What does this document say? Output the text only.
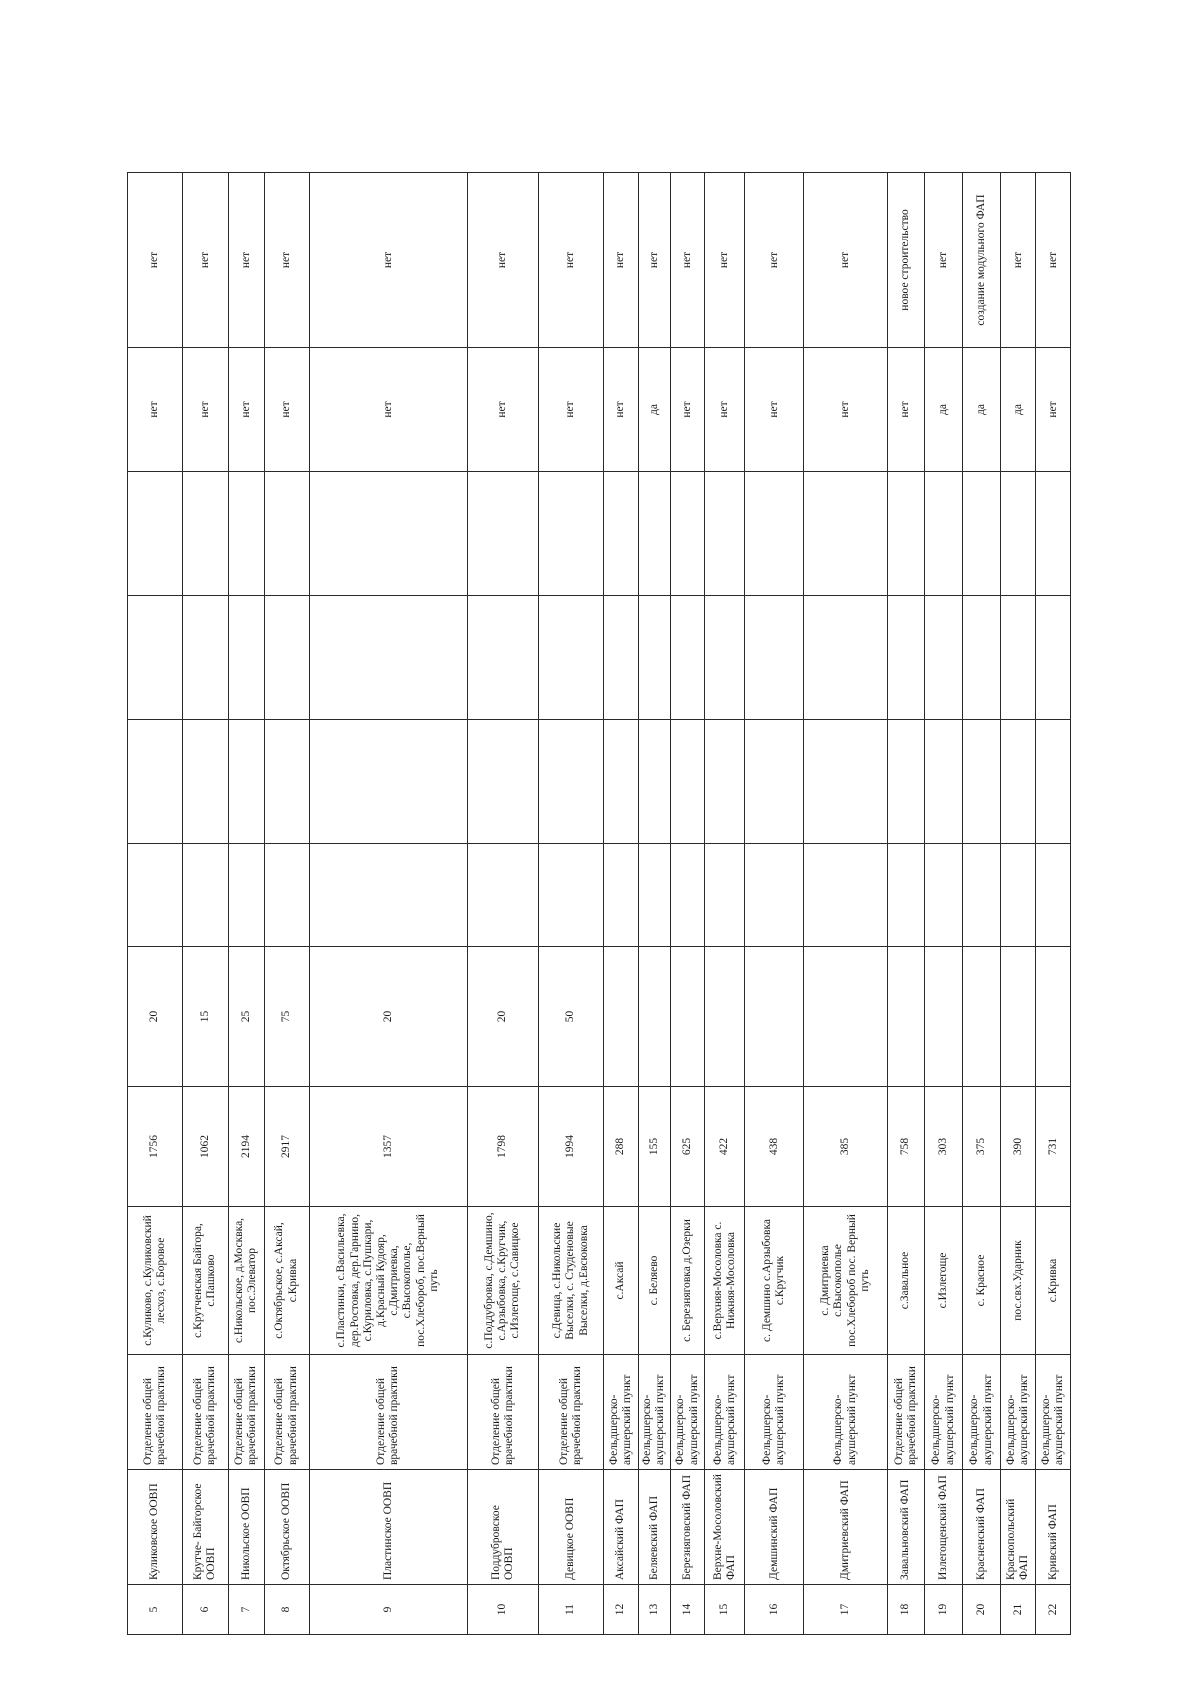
5	Куликовское ООВП	Отделение общей врачебной практики	с.Куликово, с.Куликовский лесхоз, с.Боровое	1756	20					нет	нет
6	Крутче- Байгорское ООВП	Отделение общей врачебной практики	с.Крутченская Байгора, с.Пашково	1062	15					нет	нет
7	Никольское ООВП	Отделение общей врачебной практики	с.Никольское, д.Москвка, пос.Элеватор	2194	25					нет	нет
8	Октябрьское ООВП	Отделение общей врачебной практики	с.Октябрьское, с.Аксай, с.Кривка	2917	75					нет	нет
9	Пластинское ООВП	Отделение общей врачебной практики	с.Пластинки, с.Васильевка, дер.Ростовка, дер.Гарнино, с.Куриловка, с.Пушкари, д.Красный Кудояр, с.Дмитриевка, с.Высокополье, пос.Хлебороб, пос.Верный путь	1357	20					нет	нет
10	Поддубровское ООВП	Отделение общей врачебной практики	с.Поддубровка, с.Демшино, с.Арзыбовка, с.Кругчик, с.Излегоще, с.Савицкое	1798	20					нет	нет
11	Девицкое ООВП	Отделение общей врачебной практики	с.Девица, с.Никольские Выселки, с. Студеновые Выселки, д.Евсюковка	1994	50					нет	нет
12	Аксайский ФАП	Фельдшерско-акушерский пункт	с.Аксай	288						нет	нет
13	Беляевский ФАП	Фельдшерско-акушерский пункт	с. Беляево	155						да	нет
14	Березняговский ФАП	Фельдшерско-акушерский пункт	с. Березняговка д.Озерки	625						нет	нет
15	Верхне-Мосоловский ФАП	Фельдшерско-акушерский пункт	с.Верхняя-Мосоловка с. Нижняя-Мосоловка	422						нет	нет
16	Демшинский ФАП	Фельдшерско-акушерский пункт	с. Демшино с.Арзыбовка с.Кругчик	438						нет	нет
17	Дмитриевский ФАП	Фельдшерско-акушерский пункт	с. Дмитриевка с.Высокополье пос.Хлебороб пос. Верный путь	385						нет	нет
18	Завальновский ФАП	Отделение общей врачебной практики	с.Завальное	758						нет	новое строительство
19	Излегощенский ФАП	Фельдшерско-акушерский пункт	с.Излегоще	303						да	нет
20	Красненский ФАП	Фельдшерско-акушерский пункт	с. Красное	375						да	создание модульного ФАП
21	Краснопольский ФАП	Фельдшерско-акушерский пункт	пос.свх.Ударник	390						да	нет
22	Кривский ФАП	Фельдшерско-акушерский пункт	с.Кривка	731						нет	нет
